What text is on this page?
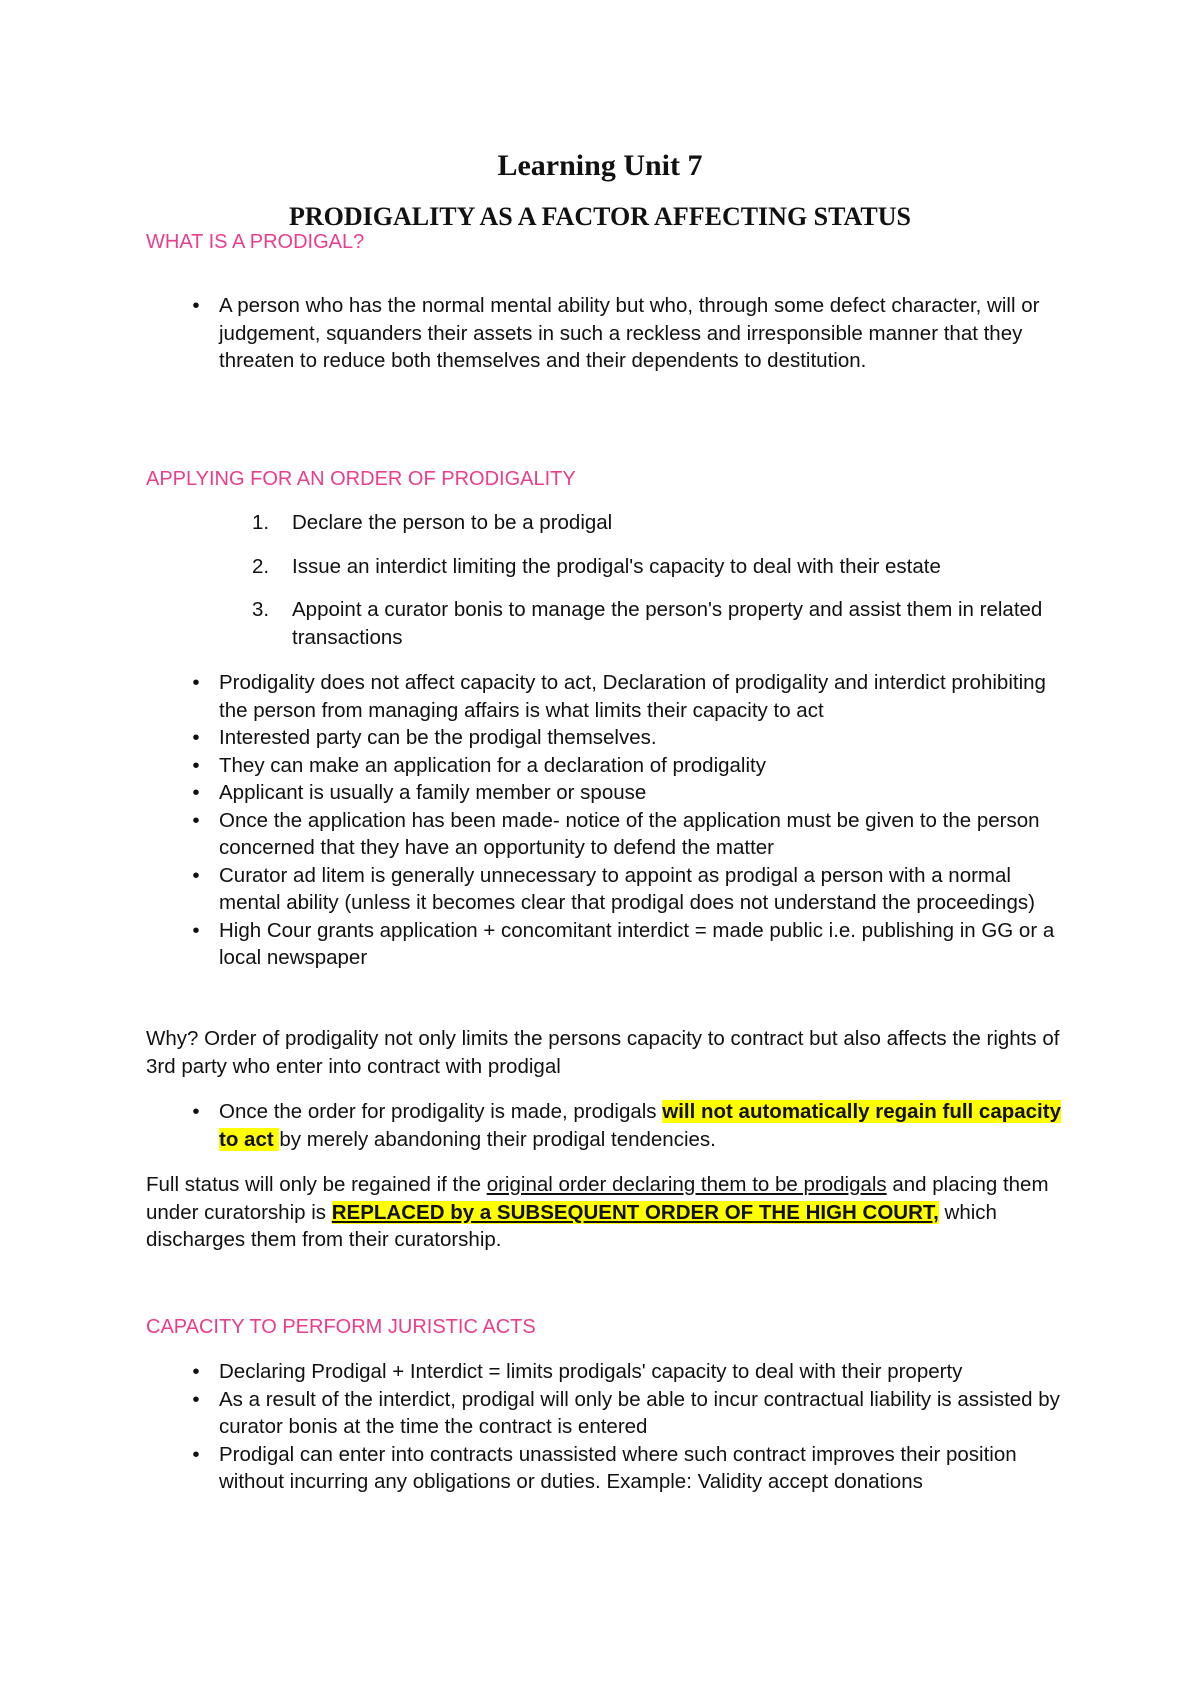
Learning Unit 7
PRODIGALITY AS A FACTOR AFFECTING STATUS
WHAT IS A PRODIGAL?
• A person who has the normal mental ability but who, through some defect character, will or judgement, squanders their assets in such a reckless and irresponsible manner that they threaten to reduce both themselves and their dependents to destitution.
APPLYING FOR AN ORDER OF PRODIGALITY
1.	Declare the person to be a prodigal
2.	Issue an interdict limiting the prodigal's capacity to deal with their estate
3.	Appoint a curator bonis to manage the person's property and assist them in related transactions
• Prodigality does not affect capacity to act, Declaration of prodigality and interdict prohibiting the person from managing affairs is what limits their capacity to act
• Interested party can be the prodigal themselves.
• They can make an application for a declaration of prodigality
• Applicant is usually a family member or spouse
• Once the application has been made- notice of the application must be given to the person concerned that they have an opportunity to defend the matter
• Curator ad litem is generally unnecessary to appoint as prodigal a person with a normal mental ability (unless it becomes clear that prodigal does not understand the proceedings)
• High Cour grants application + concomitant interdict = made public i.e. publishing in GG or a local newspaper

Why? Order of prodigality not only limits the persons capacity to contract but also affects the rights of 3rd party who enter into contract with prodigal

• Once the order for prodigality is made, prodigals will not automatically regain full capacity to act by merely abandoning their prodigal tendencies.

Full status will only be regained if the original order declaring them to be prodigals and placing them under curatorship is REPLACED by a SUBSEQUENT ORDER OF THE HIGH COURT, which discharges them from their curatorship.

CAPACITY TO PERFORM JURISTIC ACTS
• Declaring Prodigal + Interdict = limits prodigals' capacity to deal with their property
• As a result of the interdict, prodigal will only be able to incur contractual liability is assisted by curator bonis at the time the contract is entered
• Prodigal can enter into contracts unassisted where such contract improves their position without incurring any obligations or duties. Example: Validity accept donations
